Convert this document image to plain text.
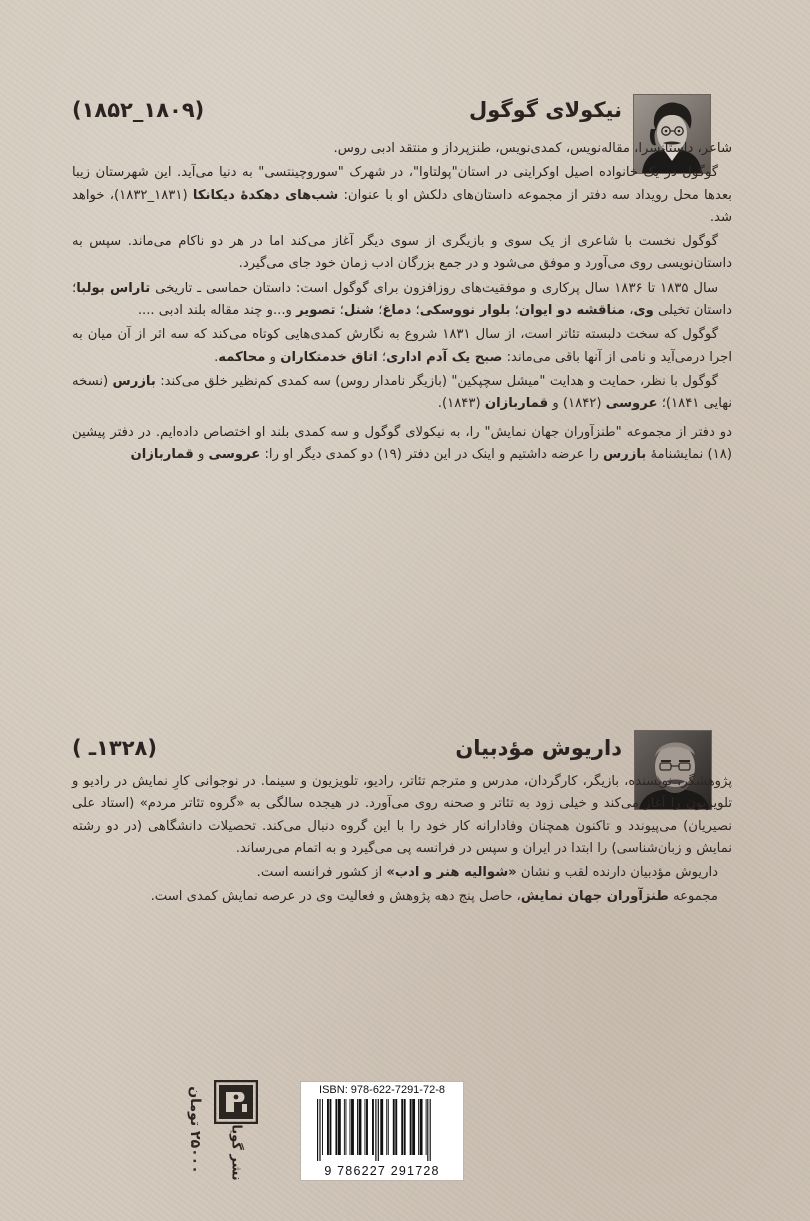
نیکولای گوگول
(۱۸۰۹_۱۸۵۲)

شاعر، داستانسرا، مقاله‌نویس، کمدی‌نویس، طنزپرداز و منتقد ادبی روس.

گوگول در یک خانواده اصیل اوکراینی در استان"پولتاوا"، در شهرک "سوروچینتسی" به دنیا می‌آید. این شهرستان زیبا بعدها محل رویداد سه دفتر از مجموعه داستان‌های دلکش او با عنوان: شب‌های دهکدهٔ دیکانکا (۱۸۳۱_۱۸۳۲)، خواهد شد.

گوگول نخست با شاعری از یک سوی و بازیگری از سوی دیگر آغاز می‌کند اما در هر دو ناکام می‌ماند. سپس به داستان‌نویسی روی می‌آورد و موفق می‌شود و در جمع بزرگان ادب زمان خود جای می‌گیرد.

سال ۱۸۳۵ تا ۱۸۳۶ سال پرکاری و موفقیت‌های روزافزون برای گوگول است: داستان حماسی ـ تاریخی تاراس بولبا؛ داستان تخیلی وی، مناقشه دو ایوان؛ بلوار نووسکی؛ دماغ؛ شنل؛ تصویر و...و چند مقاله بلند ادبی ....

گوگول که سخت دلبسته تئاتر است، از سال ۱۸۳۱ شروع به نگارش کمدی‌هایی کوتاه می‌کند که سه اثر از آن میان به اجرا درمی‌آید و نامی از آنها باقی می‌ماند: صبح یک آدم اداری؛ اتاق خدمتکاران و محاکمه.

گوگول با نظر، حمایت و هدایت "میشل سچپکین" (بازیگر نامدار روس) سه کمدی کم‌نظیر خلق می‌کند: بازرس (نسخه نهایی ۱۸۴۱)؛ عروسی (۱۸۴۲) و قماربازان (۱۸۴۳).

دو دفتر از مجموعه "طنزآوران جهان نمایش" را، به نیکولای گوگول و سه کمدی بلند او اختصاص داده‌ایم. در دفتر پیشین (۱۸) نمایشنامهٔ بازرس را عرضه داشتیم و اینک در این دفتر (۱۹) دو کمدی دیگر او را: عروسی و قماربازان

داریوش مؤدبیان
(۱۳۲۸ـ )

پژوهشگر، نویسنده، بازیگر، کارگردان، مدرس و مترجم تئاتر، رادیو، تلویزیون و سینما. در نوجوانی کارِ نمایش در رادیو و تلویزیون را آغاز می‌کند و خیلی زود به تئاتر و صحنه روی می‌آورد. در هیجده سالگی به «گروه تئاتر مردم» (استاد علی نصیریان) می‌پیوندد و تاکنون همچنان وفادارانه کار خود را با این گروه دنبال می‌کند. تحصیلات دانشگاهی (در دو رشته نمایش و زبان‌شناسی) را ابتدا در ایران و سپس در فرانسه پی می‌گیرد و به اتمام می‌رساند.

داریوش مؤدبیان دارنده لقب و نشان «شوالیه هنر و ادب» از کشور فرانسه است.

مجموعه طنزآوران جهان نمایش، حاصل پنج دهه پژوهش و فعالیت وی در عرصه نمایش کمدی است.

۲۵۰۰۰ تومان نشر گویا
ISBN: 978-622-7291-72-8
9 786227 291728
